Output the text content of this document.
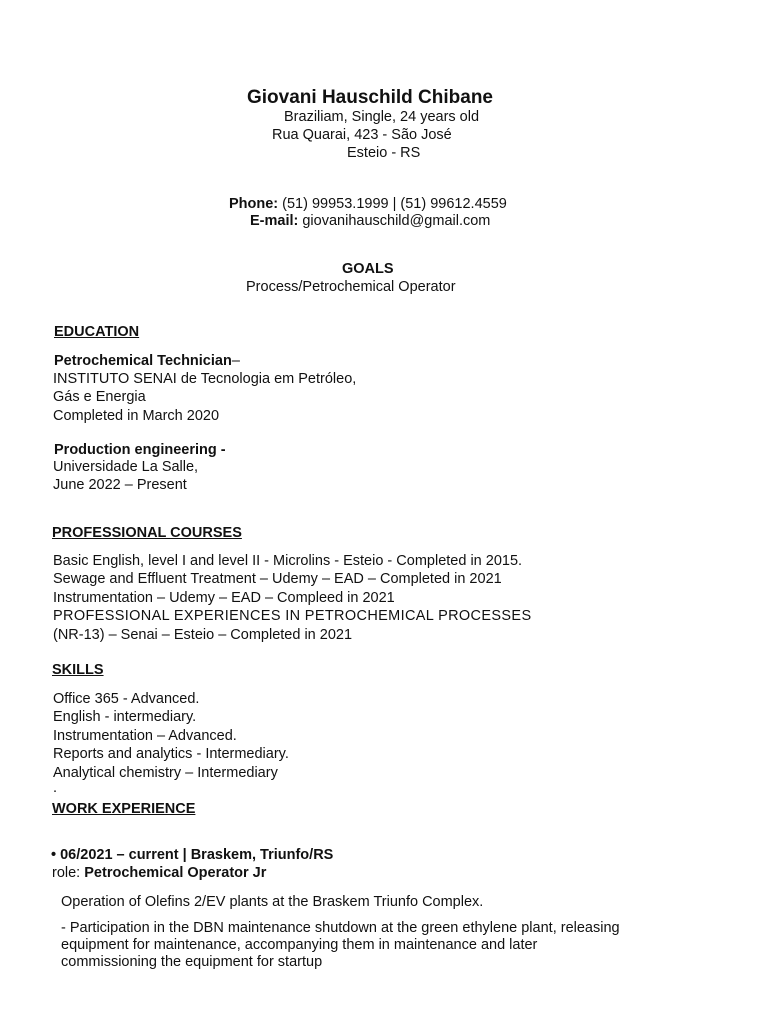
Giovani Hauschild Chibane
Braziliam, Single, 24 years old
Rua Quarai, 423 - São José
Esteio - RS
Phone: (51) 99953.1999 | (51) 99612.4559
E-mail: giovanihauschild@gmail.com
GOALS
Process/Petrochemical Operator
EDUCATION
Petrochemical Technician–
INSTITUTO SENAI de Tecnologia em Petróleo,
Gás e Energia
Completed in March 2020
Production engineering -
Universidade La Salle,
June 2022 – Present
PROFESSIONAL COURSES
Basic English, level I and level II - Microlins - Esteio - Completed in 2015.
Sewage and Effluent Treatment – Udemy – EAD – Completed in 2021
Instrumentation – Udemy – EAD – Compleed in 2021
PROFESSIONAL EXPERIENCES IN PETROCHEMICAL PROCESSES
(NR-13) – Senai – Esteio – Completed in 2021
SKILLS
Office 365 - Advanced.
English - intermediary.
Instrumentation – Advanced.
Reports and analytics - Intermediary.
Analytical chemistry – Intermediary
.
WORK EXPERIENCE
• 06/2021 – current | Braskem, Triunfo/RS
role: Petrochemical Operator Jr
Operation of Olefins 2/EV plants at the Braskem Triunfo Complex.
- Participation in the DBN maintenance shutdown at the green ethylene plant, releasing
equipment for maintenance, accompanying them in maintenance and later
commissioning the equipment for startup
